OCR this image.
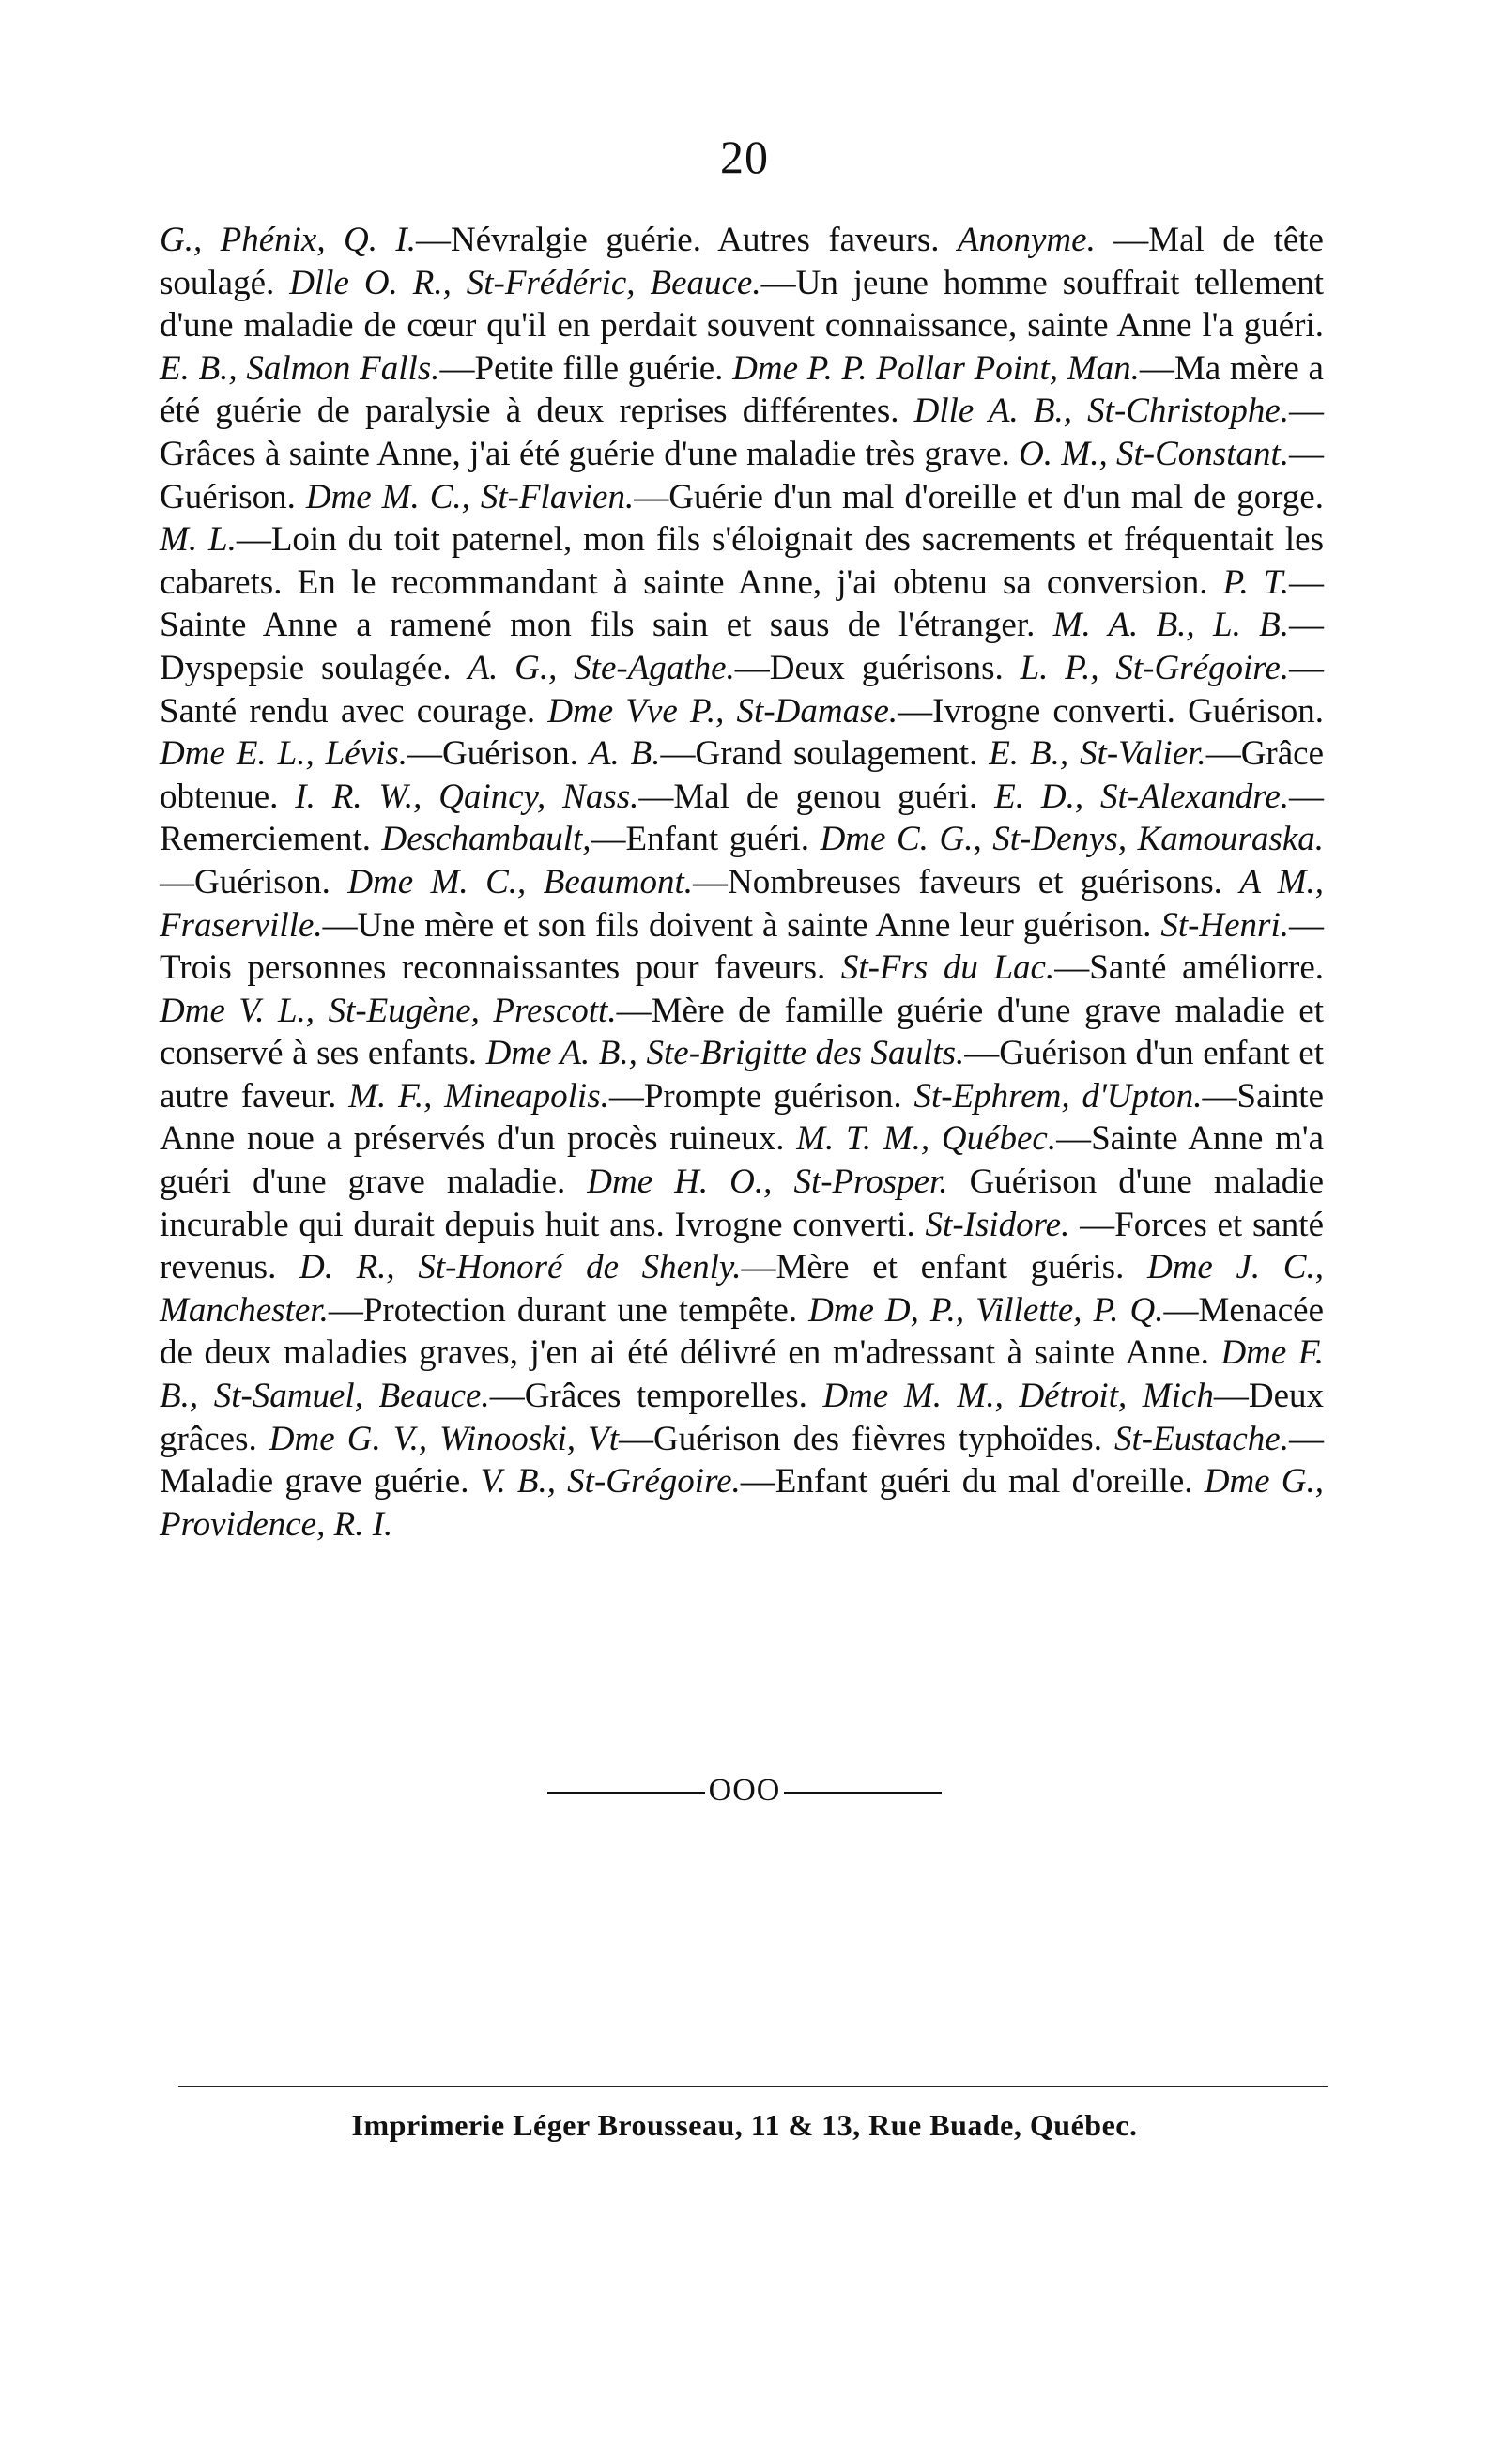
20

G., Phénix, Q. I.—Névralgie guérie. Autres faveurs. Anonyme. —Mal de tête soulagé. Dlle O. R., St-Frédéric, Beauce.—Un jeune homme souffrait tellement d'une maladie de cœur qu'il en perdait souvent connaissance, sainte Anne l'a guéri. E. B., Salmon Falls.—Petite fille guérie. Dme P. P. Pollar Point, Man.—Ma mère a été guérie de paralysie à deux reprises différentes. Dlle A. B., St-Christophe.—Grâces à sainte Anne, j'ai été guérie d'une maladie très grave. O. M., St-Constant.—Guérison. Dme M. C., St-Flavien.—Guérie d'un mal d'oreille et d'un mal de gorge. M. L.—Loin du toit paternel, mon fils s'éloignait des sacrements et fréquentait les cabarets. En le recommandant à sainte Anne, j'ai obtenu sa conversion. P. T.—Sainte Anne a ramené mon fils sain et saus de l'étranger. M. A. B., L. B.—Dyspepsie soulagée. A. G., Ste-Agathe.—Deux guérisons. L. P., St-Grégoire.—Santé rendu avec courage. Dme Vve P., St-Damase.—Ivrogne converti. Guérison. Dme E. L., Lévis.—Guérison. A. B.—Grand soulagement. E. B., St-Valier.—Grâce obtenue. I. R. W., Qaincy, Nass.—Mal de genou guéri. E. D., St-Alexandre.—Remerciement. Deschambault,—Enfant guéri. Dme C. G., St-Denys, Kamouraska.—Guérison. Dme M. C., Beaumont.—Nombreuses faveurs et guérisons. A M., Fraserville.—Une mère et son fils doivent à sainte Anne leur guérison. St-Henri.—Trois personnes reconnaissantes pour faveurs. St-Frs du Lac.—Santé améliorre. Dme V. L., St-Eugène, Prescott.—Mère de famille guérie d'une grave maladie et conservé à ses enfants. Dme A. B., Ste-Brigitte des Saults.—Guérison d'un enfant et autre faveur. M. F., Mineapolis.—Prompte guérison. St-Ephrem, d'Upton.—Sainte Anne noue a préservés d'un procès ruineux. M. T. M., Québec.—Sainte Anne m'a guéri d'une grave maladie. Dme H. O., St-Prosper. Guérison d'une maladie incurable qui durait depuis huit ans. Ivrogne converti. St-Isidore. —Forces et santé revenus. D. R., St-Honoré de Shenly.—Mère et enfant guéris. Dme J. C., Manchester.—Protection durant une tempête. Dme D, P., Villette, P. Q.—Menacée de deux maladies graves, j'en ai été délivré en m'adressant à sainte Anne. Dme F. B., St-Samuel, Beauce.—Grâces temporelles. Dme M. M., Détroit, Mich—Deux grâces. Dme G. V., Winooski, Vt—Guérison des fièvres typhoïdes. St-Eustache.—Maladie grave guérie. V. B., St-Grégoire.—Enfant guéri du mal d'oreille. Dme G., Providence, R. I.

OOO
Imprimerie Léger Brousseau, 11 & 13, Rue Buade, Québec.
